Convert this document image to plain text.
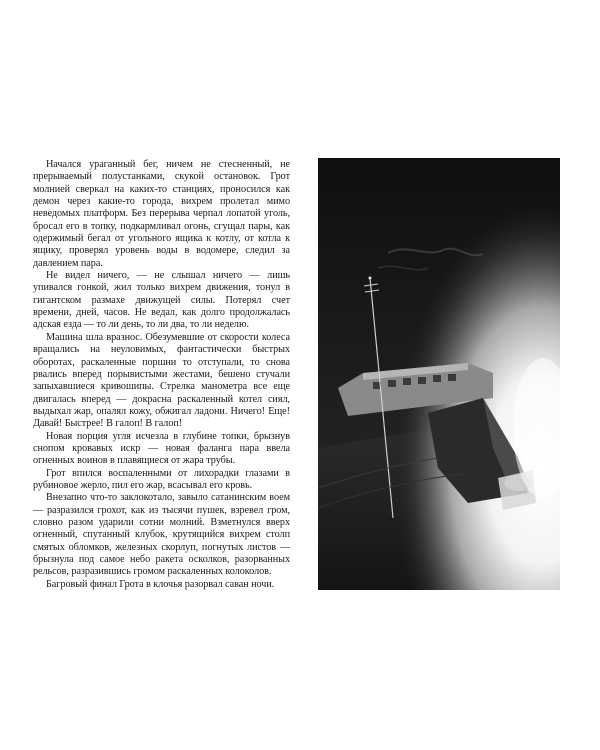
Начался ураганный бег, ничем не стесненный, не прерываемый полустанками, скукой остановок. Грот молнией сверкал на каких-то станциях, проносился как демон через какие-то города, вихрем пролетал мимо неведомых платформ. Без перерыва черпал лопатой уголь, бросал его в топку, подкармливал огонь, сгущал пары, как одержимый бегал от угольного ящика к котлу, от котла к ящику, проверял уровень воды в водомере, следил за давлением пара.

Не видел ничего, — не слышал ничего — лишь упивался гонкой, жил только вихрем движения, тонул в гигантском размахе движущей силы. Потерял счет времени, дней, часов. Не ведал, как долго продолжалась адская езда — то ли день, то ли два, то ли неделю.

Машина шла вразнос. Обезумевшие от скорости колеса вращались на неуловимых, фантастически быстрых оборотах, раскаленные поршни то отступали, то снова рвались вперед порывистыми жестами, бешено стучали запыхавшиеся кривошипы. Стрелка манометра все еще двигалась вперед — докрасна раскаленный котел сиял, выдыхал жар, опалял кожу, обжигал ладони. Ничего! Еще! Давай! Быстрее! В галоп! В галоп!

Новая порция угля исчезла в глубине топки, брызнув снопом кровавых искр — новая фаланга пара ввела огненных воинов в плавящиеся от жара трубы.

Грот впился воспаленными от лихорадки глазами в рубиновое жерло, пил его жар, всасывал его кровь.

Внезапно что-то заклокотало, завыло сатанинским воем — разразился грохот, как из тысячи пушек, взревел гром, словно разом ударили сотни молний. Взметнулся вверх огненный, спутанный клубок, крутящийся вихрем столп смятых обломков, железных скорлуп, погнутых листов — брызнула под самое небо ракета осколков, разорванных рельсов, разразившись громом раскаленных колоколов.

Багровый финал Грота в клочья разорвал саван ночи.
